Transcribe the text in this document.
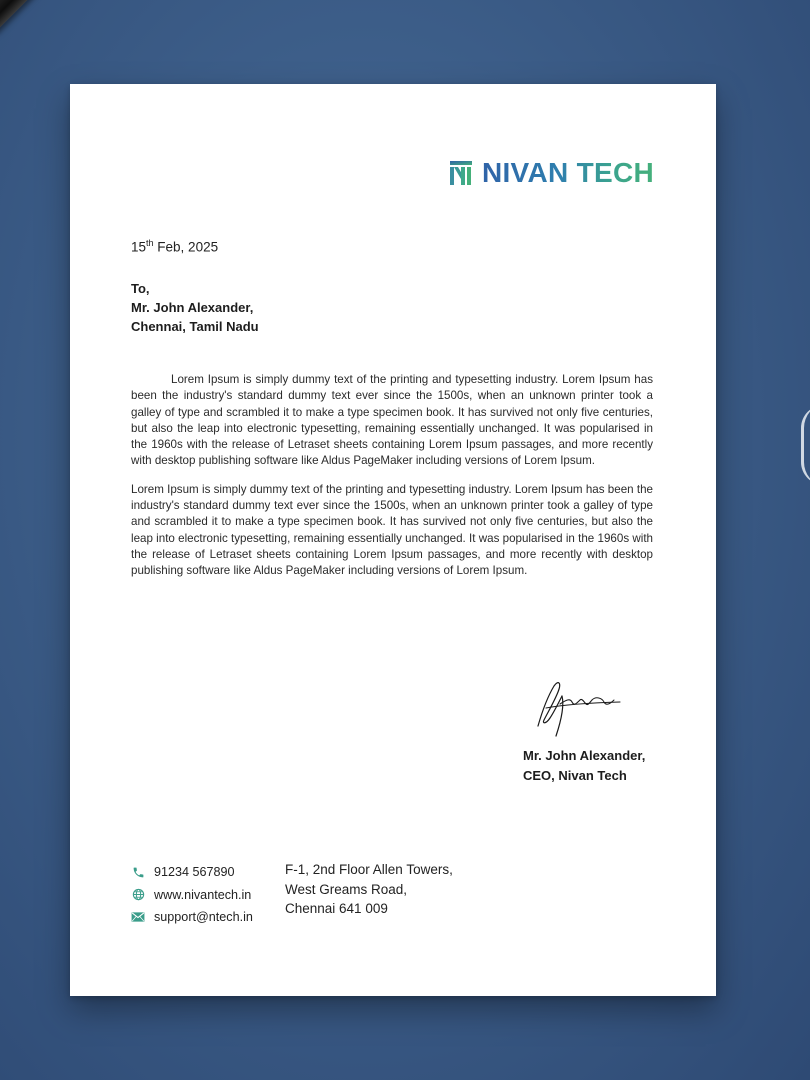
NIVAN TECH
15th Feb, 2025
To,
Mr. John Alexander,
Chennai, Tamil Nadu

Lorem Ipsum is simply dummy text of the printing and typesetting industry. Lorem Ipsum has been the industry's standard dummy text ever since the 1500s, when an unknown printer took a galley of type and scrambled it to make a type specimen book. It has survived not only five centuries, but also the leap into electronic typesetting, remaining essentially unchanged. It was popularised in the 1960s with the release of Letraset sheets containing Lorem Ipsum passages, and more recently with desktop publishing software like Aldus PageMaker including versions of Lorem Ipsum.

Lorem Ipsum is simply dummy text of the printing and typesetting industry. Lorem Ipsum has been the industry's standard dummy text ever since the 1500s, when an unknown printer took a galley of type and scrambled it to make a type specimen book. It has survived not only five centuries, but also the leap into electronic typesetting, remaining essentially unchanged. It was popularised in the 1960s with the release of Letraset sheets containing Lorem Ipsum passages, and more recently with desktop publishing software like Aldus PageMaker including versions of Lorem Ipsum.

Mr. John Alexander,
CEO, Nivan Tech
91234 567890
www.nivantech.in
support@ntech.in
F-1, 2nd Floor Allen Towers,
West Greams Road,
Chennai 641 009
